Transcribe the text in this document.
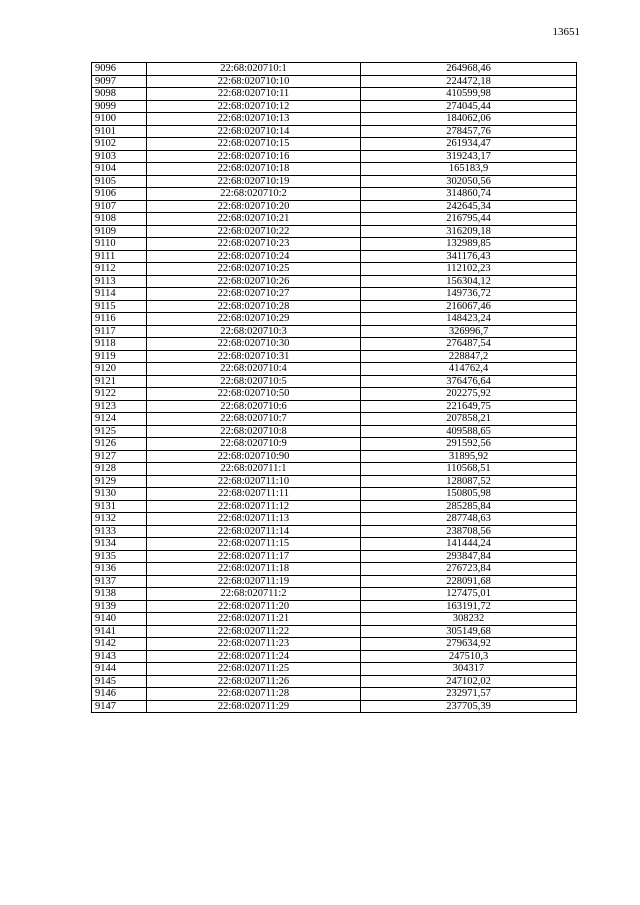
13651
9096	22:68:020710:1	264968,46
9097	22:68:020710:10	224472,18
9098	22:68:020710:11	410599,98
9099	22:68:020710:12	274045,44
9100	22:68:020710:13	184062,06
9101	22:68:020710:14	278457,76
9102	22:68:020710:15	261934,47
9103	22:68:020710:16	319243,17
9104	22:68:020710:18	165183,9
9105	22:68:020710:19	302050,56
9106	22:68:020710:2	314860,74
9107	22:68:020710:20	242645,34
9108	22:68:020710:21	216795,44
9109	22:68:020710:22	316209,18
9110	22:68:020710:23	132989,85
9111	22:68:020710:24	341176,43
9112	22:68:020710:25	112102,23
9113	22:68:020710:26	156304,12
9114	22:68:020710:27	149736,72
9115	22:68:020710:28	216067,46
9116	22:68:020710:29	148423,24
9117	22:68:020710:3	326996,7
9118	22:68:020710:30	276487,54
9119	22:68:020710:31	228847,2
9120	22:68:020710:4	414762,4
9121	22:68:020710:5	376476,64
9122	22:68:020710:50	202275,92
9123	22:68:020710:6	221649,75
9124	22:68:020710:7	207858,21
9125	22:68:020710:8	409588,65
9126	22:68:020710:9	291592,56
9127	22:68:020710:90	31895,92
9128	22:68:020711:1	110568,51
9129	22:68:020711:10	128087,52
9130	22:68:020711:11	150805,98
9131	22:68:020711:12	285285,84
9132	22:68:020711:13	287748,63
9133	22:68:020711:14	238708,56
9134	22:68:020711:15	141444,24
9135	22:68:020711:17	293847,84
9136	22:68:020711:18	276723,84
9137	22:68:020711:19	228091,68
9138	22:68:020711:2	127475,01
9139	22:68:020711:20	163191,72
9140	22:68:020711:21	308232
9141	22:68:020711:22	305149,68
9142	22:68:020711:23	279634,92
9143	22:68:020711:24	247510,3
9144	22:68:020711:25	304317
9145	22:68:020711:26	247102,02
9146	22:68:020711:28	232971,57
9147	22:68:020711:29	237705,39
